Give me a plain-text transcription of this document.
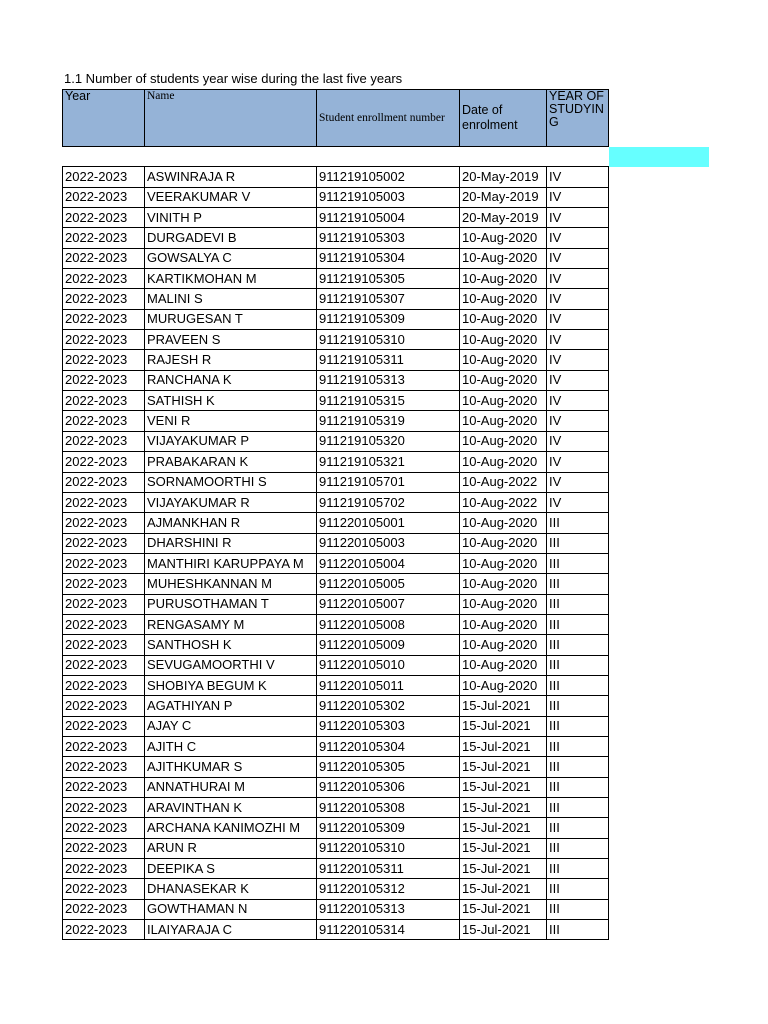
1.1 Number of students year wise during the last five years
Year	Name	Student enrollment number	Date of enrolment	YEAR OF STUDYIN G

2022-2023	ASWINRAJA R	911219105002	20-May-2019	IV
2022-2023	VEERAKUMAR V	911219105003	20-May-2019	IV
2022-2023	VINITH P	911219105004	20-May-2019	IV
2022-2023	DURGADEVI B	911219105303	10-Aug-2020	IV
2022-2023	GOWSALYA C	911219105304	10-Aug-2020	IV
2022-2023	KARTIKMOHAN M	911219105305	10-Aug-2020	IV
2022-2023	MALINI S	911219105307	10-Aug-2020	IV
2022-2023	MURUGESAN T	911219105309	10-Aug-2020	IV
2022-2023	PRAVEEN S	911219105310	10-Aug-2020	IV
2022-2023	RAJESH R	911219105311	10-Aug-2020	IV
2022-2023	RANCHANA K	911219105313	10-Aug-2020	IV
2022-2023	SATHISH K	911219105315	10-Aug-2020	IV
2022-2023	VENI R	911219105319	10-Aug-2020	IV
2022-2023	VIJAYAKUMAR P	911219105320	10-Aug-2020	IV
2022-2023	PRABAKARAN K	911219105321	10-Aug-2020	IV
2022-2023	SORNAMOORTHI S	911219105701	10-Aug-2022	IV
2022-2023	VIJAYAKUMAR R	911219105702	10-Aug-2022	IV
2022-2023	AJMANKHAN R	911220105001	10-Aug-2020	III
2022-2023	DHARSHINI R	911220105003	10-Aug-2020	III
2022-2023	MANTHIRI KARUPPAYA M	911220105004	10-Aug-2020	III
2022-2023	MUHESHKANNAN M	911220105005	10-Aug-2020	III
2022-2023	PURUSOTHAMAN T	911220105007	10-Aug-2020	III
2022-2023	RENGASAMY M	911220105008	10-Aug-2020	III
2022-2023	SANTHOSH K	911220105009	10-Aug-2020	III
2022-2023	SEVUGAMOORTHI V	911220105010	10-Aug-2020	III
2022-2023	SHOBIYA BEGUM K	911220105011	10-Aug-2020	III
2022-2023	AGATHIYAN P	911220105302	15-Jul-2021	III
2022-2023	AJAY C	911220105303	15-Jul-2021	III
2022-2023	AJITH C	911220105304	15-Jul-2021	III
2022-2023	AJITHKUMAR S	911220105305	15-Jul-2021	III
2022-2023	ANNATHURAI M	911220105306	15-Jul-2021	III
2022-2023	ARAVINTHAN K	911220105308	15-Jul-2021	III
2022-2023	ARCHANA KANIMOZHI M	911220105309	15-Jul-2021	III
2022-2023	ARUN R	911220105310	15-Jul-2021	III
2022-2023	DEEPIKA S	911220105311	15-Jul-2021	III
2022-2023	DHANASEKAR K	911220105312	15-Jul-2021	III
2022-2023	GOWTHAMAN N	911220105313	15-Jul-2021	III
2022-2023	ILAIYARAJA C	911220105314	15-Jul-2021	III
